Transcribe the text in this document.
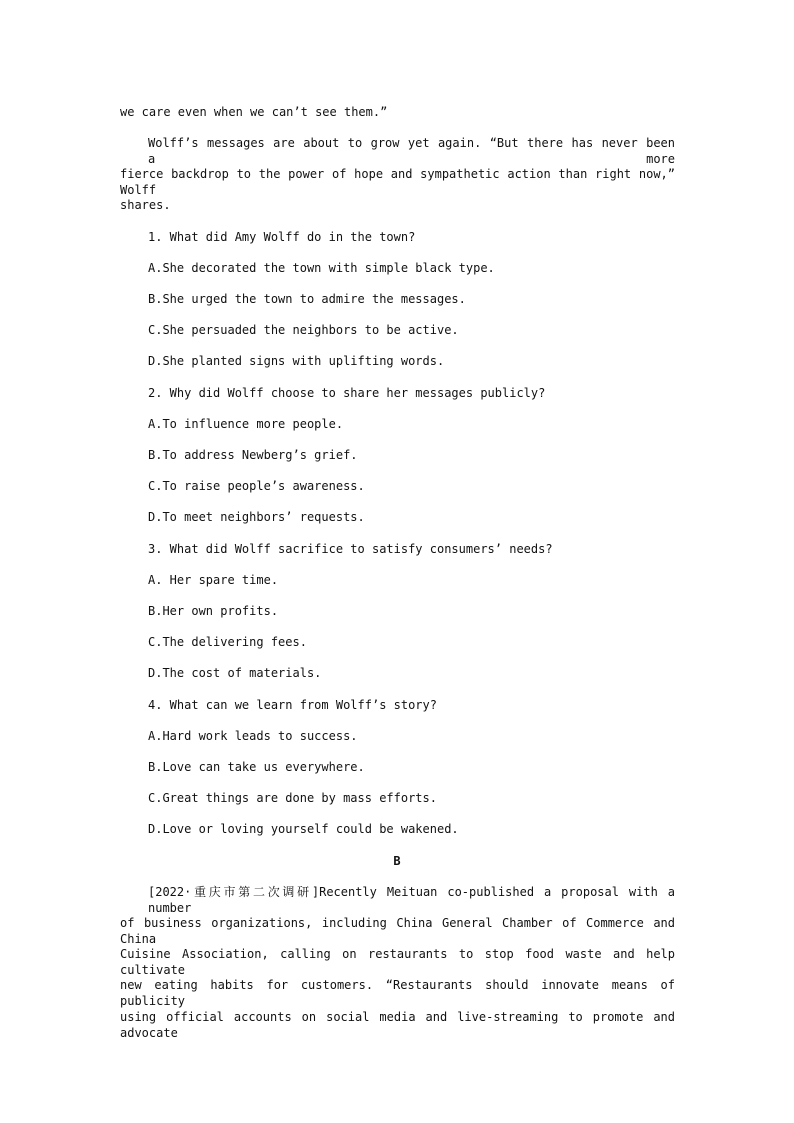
we care even when we can’t see them.”
Wolff’s messages are about to grow yet again. “But there has never been a more
fierce backdrop to the power of hope and sympathetic action than right now,” Wolff
shares.
1. What did Amy Wolff do in the town?
A.She decorated the town with simple black type.
B.She urged the town to admire the messages.
C.She persuaded the neighbors to be active.
D.She planted signs with uplifting words.
2. Why did Wolff choose to share her messages publicly?
A.To influence more people.
B.To address Newberg’s grief.
C.To raise people’s awareness.
D.To meet neighbors’ requests.
3. What did Wolff sacrifice to satisfy consumers’ needs?
A. Her spare time.
B.Her own profits.
C.The delivering fees.
D.The cost of materials.
4. What can we learn from Wolff’s story?
A.Hard work leads to success.
B.Love can take us everywhere.
C.Great things are done by mass efforts.
D.Love or loving yourself could be wakened.
B
[2022·重庆市第二次调研]Recently Meituan co-published a proposal with a number
of business organizations, including China General Chamber of Commerce and China
Cuisine Association, calling on restaurants to stop food waste and help cultivate
new eating habits for customers. “Restaurants should innovate means of publicity
using official accounts on social media and live-streaming to promote and advocate
